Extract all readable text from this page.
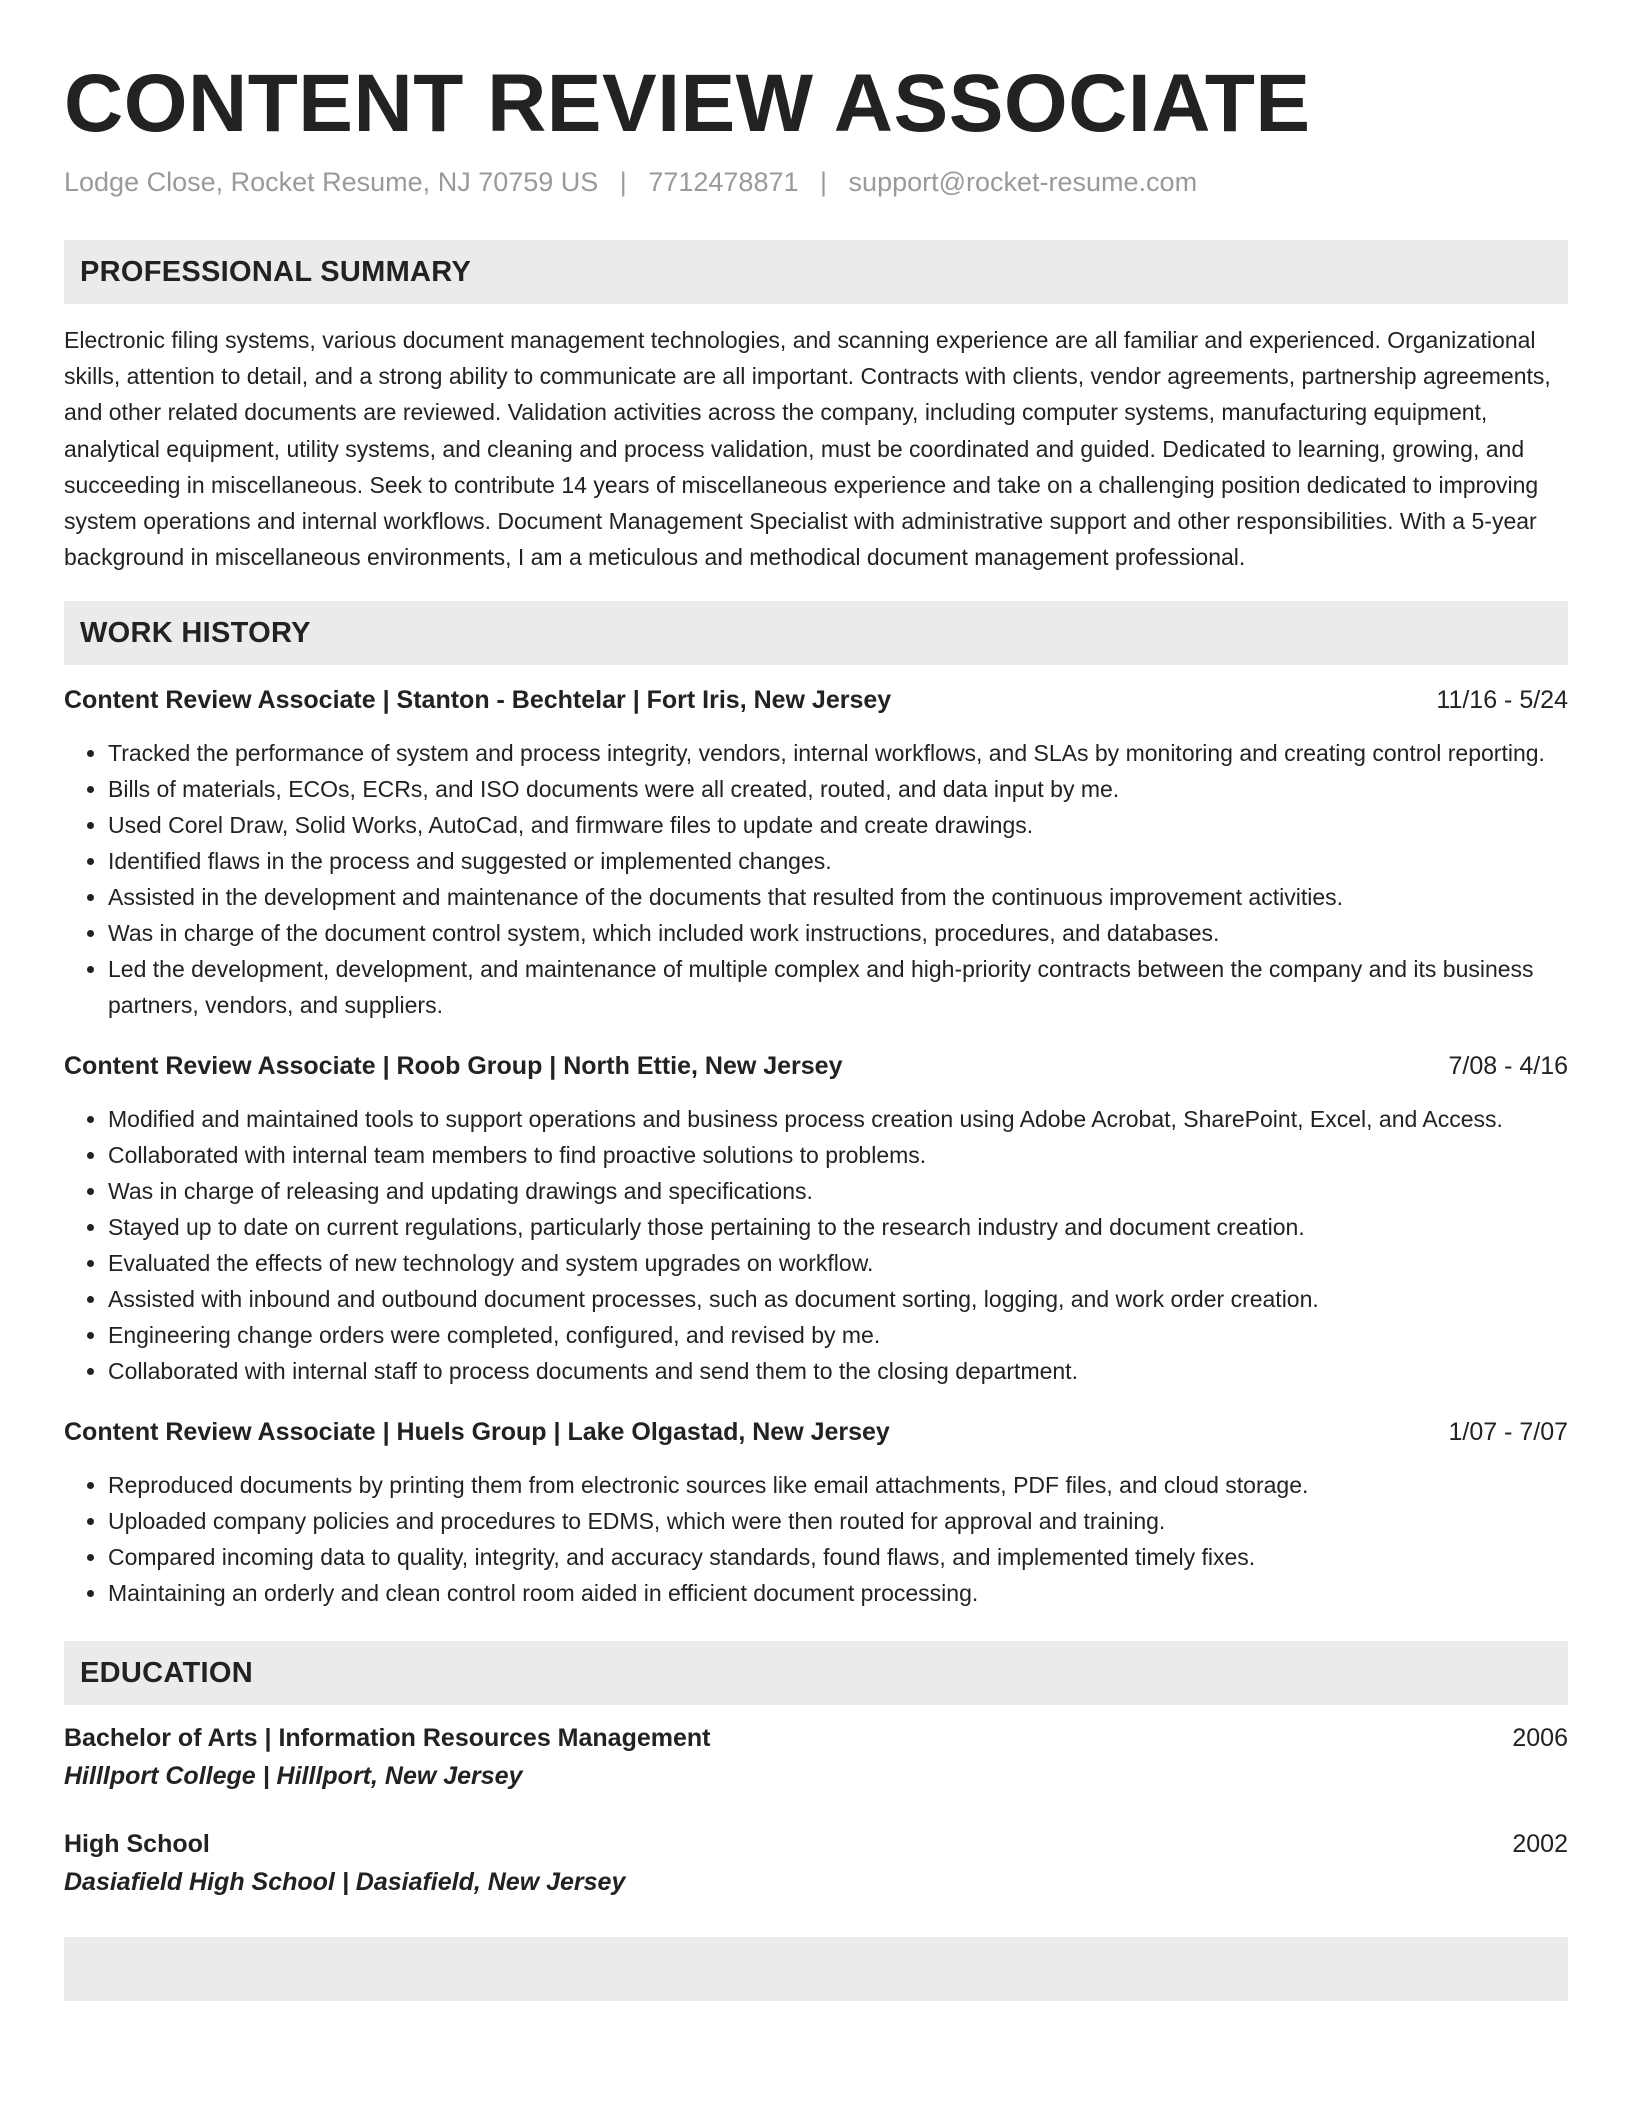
CONTENT REVIEW ASSOCIATE
Lodge Close, Rocket Resume, NJ 70759 US | 7712478871 | support@rocket-resume.com
PROFESSIONAL SUMMARY

Electronic filing systems, various document management technologies, and scanning experience are all familiar and experienced. Organizational skills, attention to detail, and a strong ability to communicate are all important. Contracts with clients, vendor agreements, partnership agreements, and other related documents are reviewed. Validation activities across the company, including computer systems, manufacturing equipment, analytical equipment, utility systems, and cleaning and process validation, must be coordinated and guided. Dedicated to learning, growing, and succeeding in miscellaneous. Seek to contribute 14 years of miscellaneous experience and take on a challenging position dedicated to improving system operations and internal workflows. Document Management Specialist with administrative support and other responsibilities. With a 5-year background in miscellaneous environments, I am a meticulous and methodical document management professional.

WORK HISTORY
Content Review Associate | Stanton - Bechtelar | Fort Iris, New Jersey	11/16 - 5/24
• Tracked the performance of system and process integrity, vendors, internal workflows, and SLAs by monitoring and creating control reporting.
• Bills of materials, ECOs, ECRs, and ISO documents were all created, routed, and data input by me.
• Used Corel Draw, Solid Works, AutoCad, and firmware files to update and create drawings.
• Identified flaws in the process and suggested or implemented changes.
• Assisted in the development and maintenance of the documents that resulted from the continuous improvement activities.
• Was in charge of the document control system, which included work instructions, procedures, and databases.
• Led the development, development, and maintenance of multiple complex and high-priority contracts between the company and its business partners, vendors, and suppliers.
Content Review Associate | Roob Group | North Ettie, New Jersey	7/08 - 4/16
• Modified and maintained tools to support operations and business process creation using Adobe Acrobat, SharePoint, Excel, and Access.
• Collaborated with internal team members to find proactive solutions to problems.
• Was in charge of releasing and updating drawings and specifications.
• Stayed up to date on current regulations, particularly those pertaining to the research industry and document creation.
• Evaluated the effects of new technology and system upgrades on workflow.
• Assisted with inbound and outbound document processes, such as document sorting, logging, and work order creation.
• Engineering change orders were completed, configured, and revised by me.
• Collaborated with internal staff to process documents and send them to the closing department.
Content Review Associate | Huels Group | Lake Olgastad, New Jersey	1/07 - 7/07
• Reproduced documents by printing them from electronic sources like email attachments, PDF files, and cloud storage.
• Uploaded company policies and procedures to EDMS, which were then routed for approval and training.
• Compared incoming data to quality, integrity, and accuracy standards, found flaws, and implemented timely fixes.
• Maintaining an orderly and clean control room aided in efficient document processing.
EDUCATION
Bachelor of Arts | Information Resources Management	2006
Hilllport College | Hilllport, New Jersey
High School	2002
Dasiafield High School | Dasiafield, New Jersey
